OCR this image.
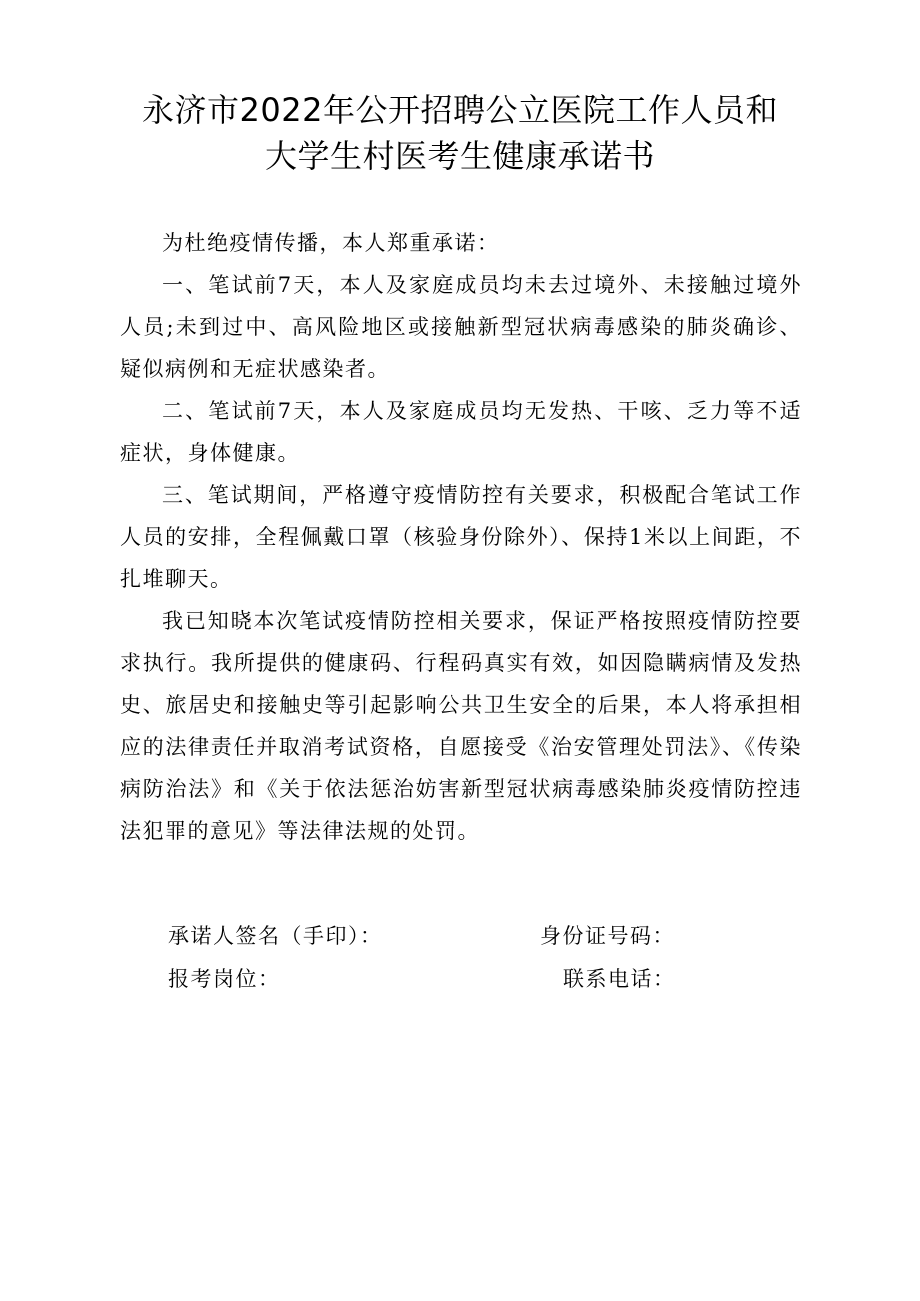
永济市2022年公开招聘公立医院工作人员和
大学生村医考生健康承诺书

为杜绝疫情传播，本人郑重承诺：

一、笔试前7天，本人及家庭成员均未去过境外、未接触过境外人员;未到过中、高风险地区或接触新型冠状病毒感染的肺炎确诊、疑似病例和无症状感染者。

二、笔试前7天，本人及家庭成员均无发热、干咳、乏力等不适症状，身体健康。

三、笔试期间，严格遵守疫情防控有关要求，积极配合笔试工作人员的安排，全程佩戴口罩（核验身份除外）、保持1米以上间距，不扎堆聊天。

我已知晓本次笔试疫情防控相关要求，保证严格按照疫情防控要求执行。我所提供的健康码、行程码真实有效，如因隐瞒病情及发热史、旅居史和接触史等引起影响公共卫生安全的后果，本人将承担相应的法律责任并取消考试资格，自愿接受《治安管理处罚法》、《传染病防治法》和《关于依法惩治妨害新型冠状病毒感染肺炎疫情防控违法犯罪的意见》等法律法规的处罚。

承诺人签名（手印）：	身份证号码：
报考岗位：	联系电话：
